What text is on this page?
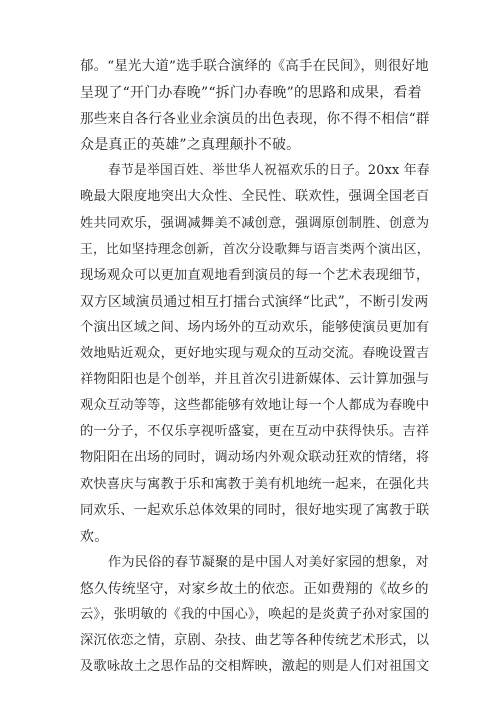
郁。“星光大道”选手联合演绎的《高手在民间》，则很好地
呈现了“开门办春晚”“拆门办春晚”的思路和成果，看着
那些来自各行各业业余演员的出色表现，你不得不相信“群
众是真正的英雄”之真理颠扑不破。
春节是举国百姓、举世华人祝福欢乐的日子。20xx 年春
晚最大限度地突出大众性、全民性、联欢性，强调全国老百
姓共同欢乐，强调减舞美不减创意，强调原创制胜、创意为
王，比如坚持理念创新，首次分设歌舞与语言类两个演出区，
现场观众可以更加直观地看到演员的每一个艺术表现细节，
双方区域演员通过相互打擂台式演绎“比武”，不断引发两
个演出区域之间、场内场外的互动欢乐，能够使演员更加有
效地贴近观众，更好地实现与观众的互动交流。春晚设置吉
祥物阳阳也是个创举，并且首次引进新媒体、云计算加强与
观众互动等等，这些都能够有效地让每一个人都成为春晚中
的一分子，不仅乐享视听盛宴，更在互动中获得快乐。吉祥
物阳阳在出场的同时，调动场内外观众联动狂欢的情绪，将
欢快喜庆与寓教于乐和寓教于美有机地统一起来，在强化共
同欢乐、一起欢乐总体效果的同时，很好地实现了寓教于联
欢。
作为民俗的春节凝聚的是中国人对美好家园的想象，对
悠久传统坚守，对家乡故土的依恋。正如费翔的《故乡的
云》，张明敏的《我的中国心》，唤起的是炎黄子孙对家国的
深沉依恋之情，京剧、杂技、曲艺等各种传统艺术形式，以
及歌咏故土之思作品的交相辉映，激起的则是人们对祖国文
